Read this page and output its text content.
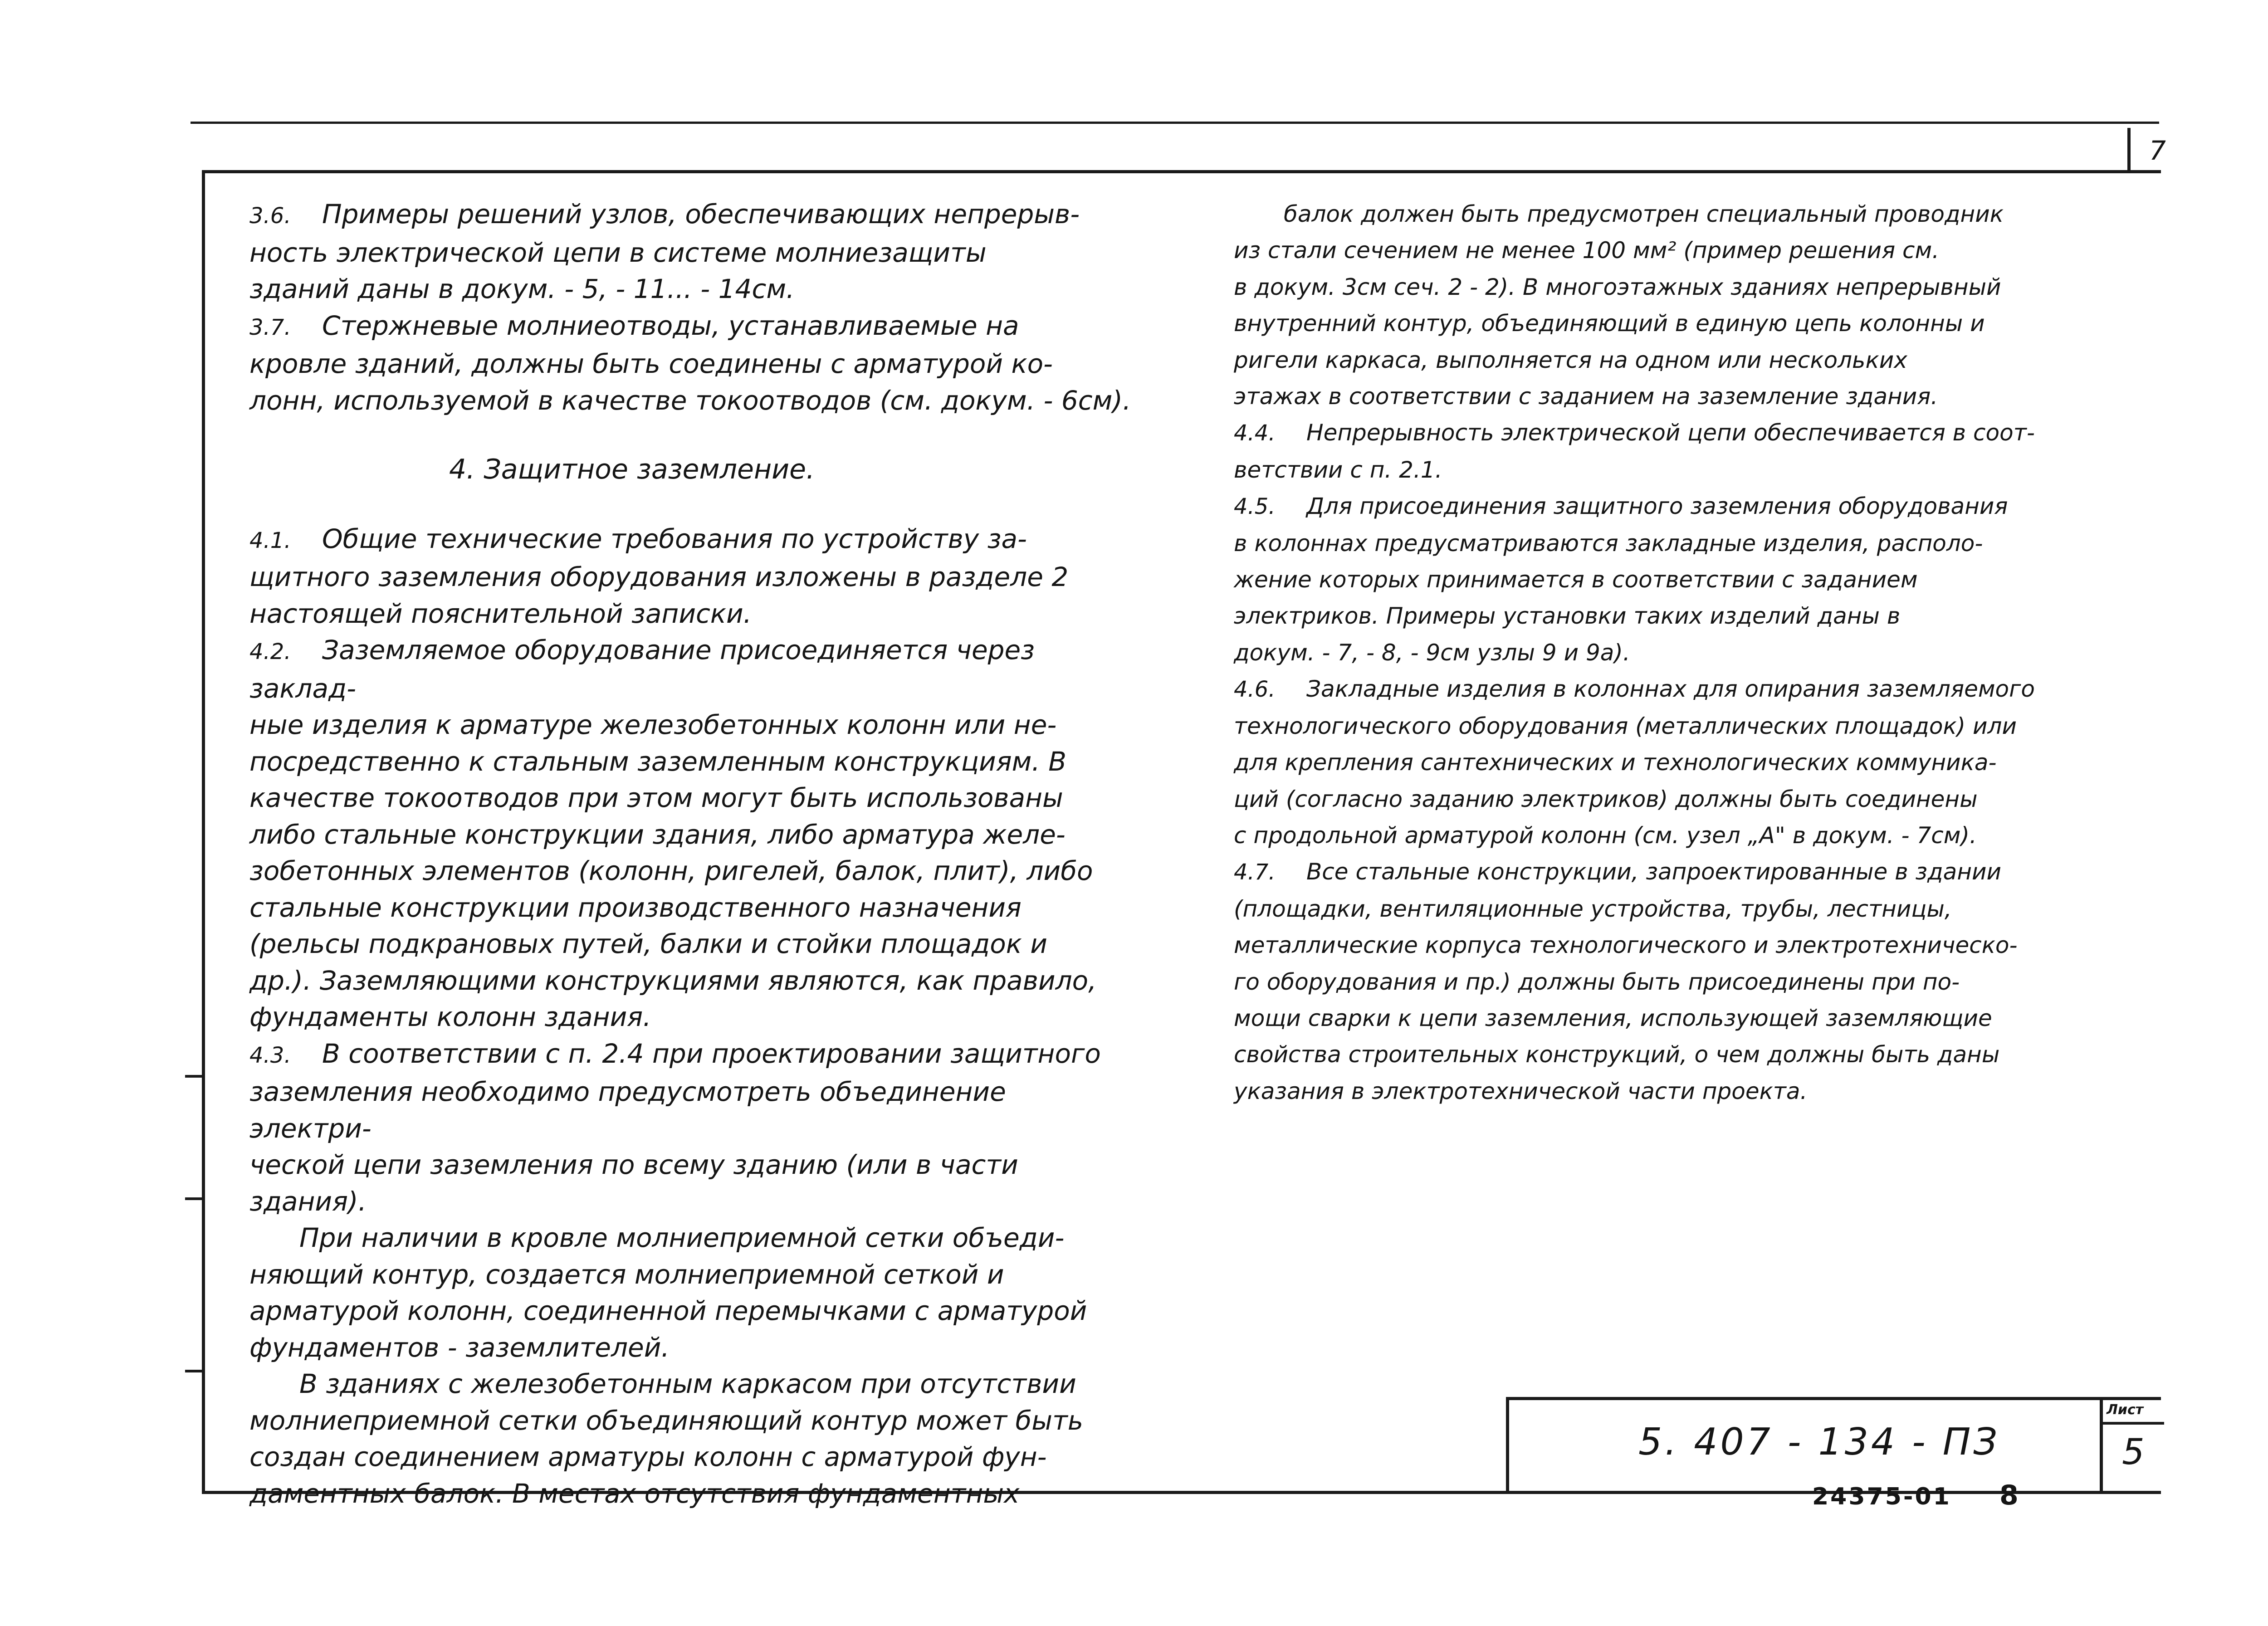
7
3.6. Примеры решений узлов, обеспечивающих непрерыв-
ность электрической цепи в системе молниезащиты
зданий даны в докум. - 5, - 11... - 14см.
3.7. Стержневые молниеотводы, устанавливаемые на
кровле зданий, должны быть соединены с арматурой ко-
лонн, используемой в качестве токоотводов (см. докум. - 6см).
4. Защитное заземление.
4.1. Общие технические требования по устройству за-
щитного заземления оборудования изложены в разделе 2
настоящей пояснительной записки.
4.2. Заземляемое оборудование присоединяется через заклад-
ные изделия к арматуре железобетонных колонн или не-
посредственно к стальным заземленным конструкциям. В
качестве токоотводов при этом могут быть использованы
либо стальные конструкции здания, либо арматура желе-
зобетонных элементов (колонн, ригелей, балок, плит), либо
стальные конструкции производственного назначения
(рельсы подкрановых путей, балки и стойки площадок и
др.). Заземляющими конструкциями являются, как правило,
фундаменты колонн здания.
4.3. В соответствии с п. 2.4 при проектировании защитного
заземления необходимо предусмотреть объединение электри-
ческой цепи заземления по всему зданию (или в части
здания).
При наличии в кровле молниеприемной сетки объеди-
няющий контур, создается молниеприемной сеткой и
арматурой колонн, соединенной перемычками с арматурой
фундаментов - заземлителей.
В зданиях с железобетонным каркасом при отсутствии
молниеприемной сетки объединяющий контур может быть
создан соединением арматуры колонн с арматурой фун-
даментных балок. В местах отсутствия фундаментных
балок должен быть предусмотрен специальный проводник
из стали сечением не менее 100 мм² (пример решения см.
в докум. 3см сеч. 2 - 2). В многоэтажных зданиях непрерывный
внутренний контур, объединяющий в единую цепь колонны и
ригели каркаса, выполняется на одном или нескольких
этажах в соответствии с заданием на заземление здания.
4.4. Непрерывность электрической цепи обеспечивается в соот-
ветствии с п. 2.1.
4.5. Для присоединения защитного заземления оборудования
в колоннах предусматриваются закладные изделия, располо-
жение которых принимается в соответствии с заданием
электриков. Примеры установки таких изделий даны в
докум. - 7, - 8, - 9см узлы 9 и 9а).
4.6. Закладные изделия в колоннах для опирания заземляемого
технологического оборудования (металлических площадок) или
для крепления сантехнических и технологических коммуника-
ций (согласно заданию электриков) должны быть соединены
с продольной арматурой колонн (см. узел „А" в докум. - 7см).
4.7. Все стальные конструкции, запроектированные в здании
(площадки, вентиляционные устройства, трубы, лестницы,
металлические корпуса технологического и электротехническо-
го оборудования и пр.) должны быть присоединены при по-
мощи сварки к цепи заземления, использующей заземляющие
свойства строительных конструкций, о чем должны быть даны
указания в электротехнической части проекта.
5. 407 - 134 - ПЗ
Лист
5
24375-01 8
